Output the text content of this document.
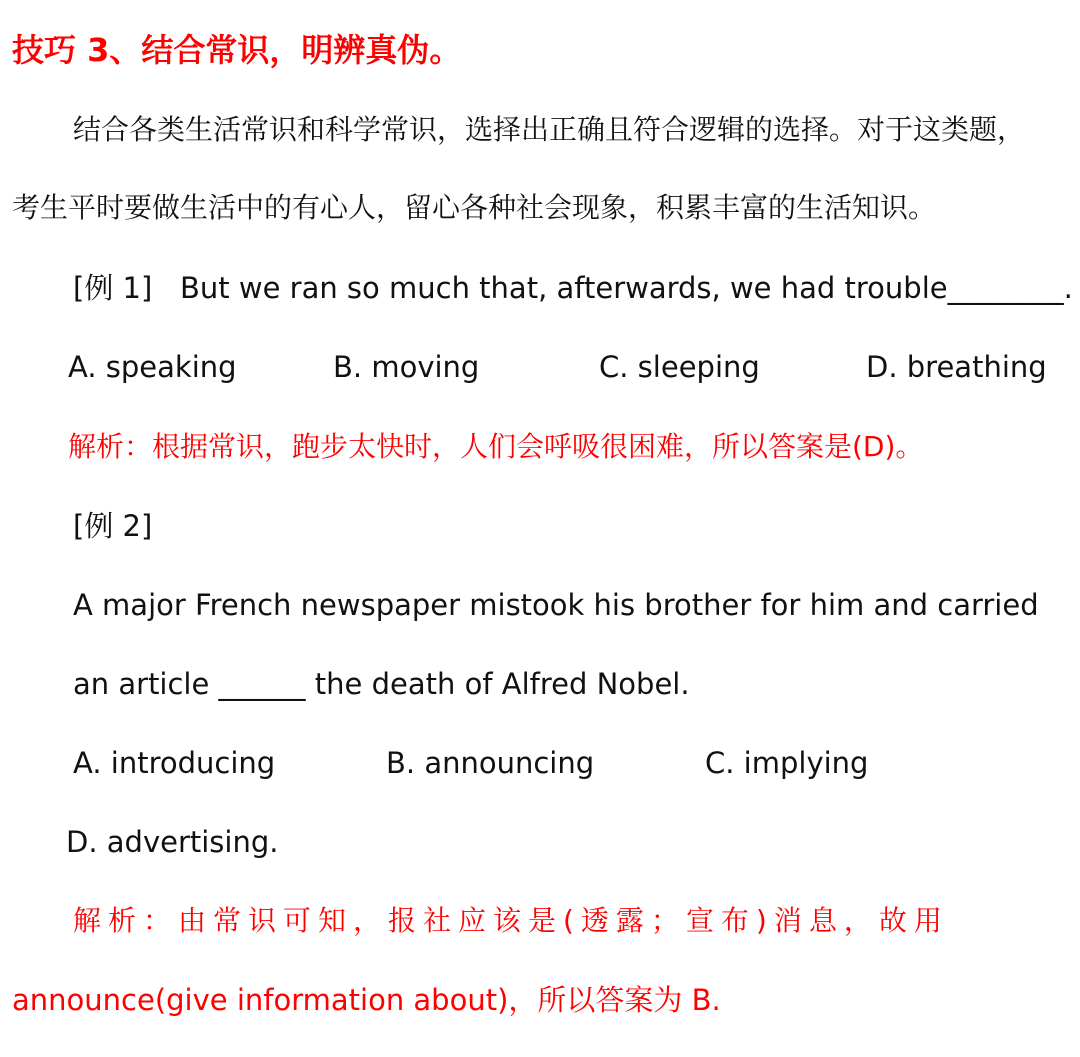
技巧 3、结合常识，明辨真伪。
结合各类生活常识和科学常识，选择出正确且符合逻辑的选择。对于这类题，
考生平时要做生活中的有心人，留心各种社会现象，积累丰富的生活知识。
[例 1] But we ran so much that, afterwards, we had trouble________.
A. speaking	B. moving	C. sleeping	D. breathing
解析：根据常识，跑步太快时，人们会呼吸很困难，所以答案是(D)。
[例 2]
A major French newspaper mistook his brother for him and carried
an article ______ the death of Alfred Nobel.
A. introducing	B. announcing	C. implying
D. advertising.
解析：由常识可知，报社应该是(透露；宣布)消息，故用
announce(give information about)，所以答案为 B.
